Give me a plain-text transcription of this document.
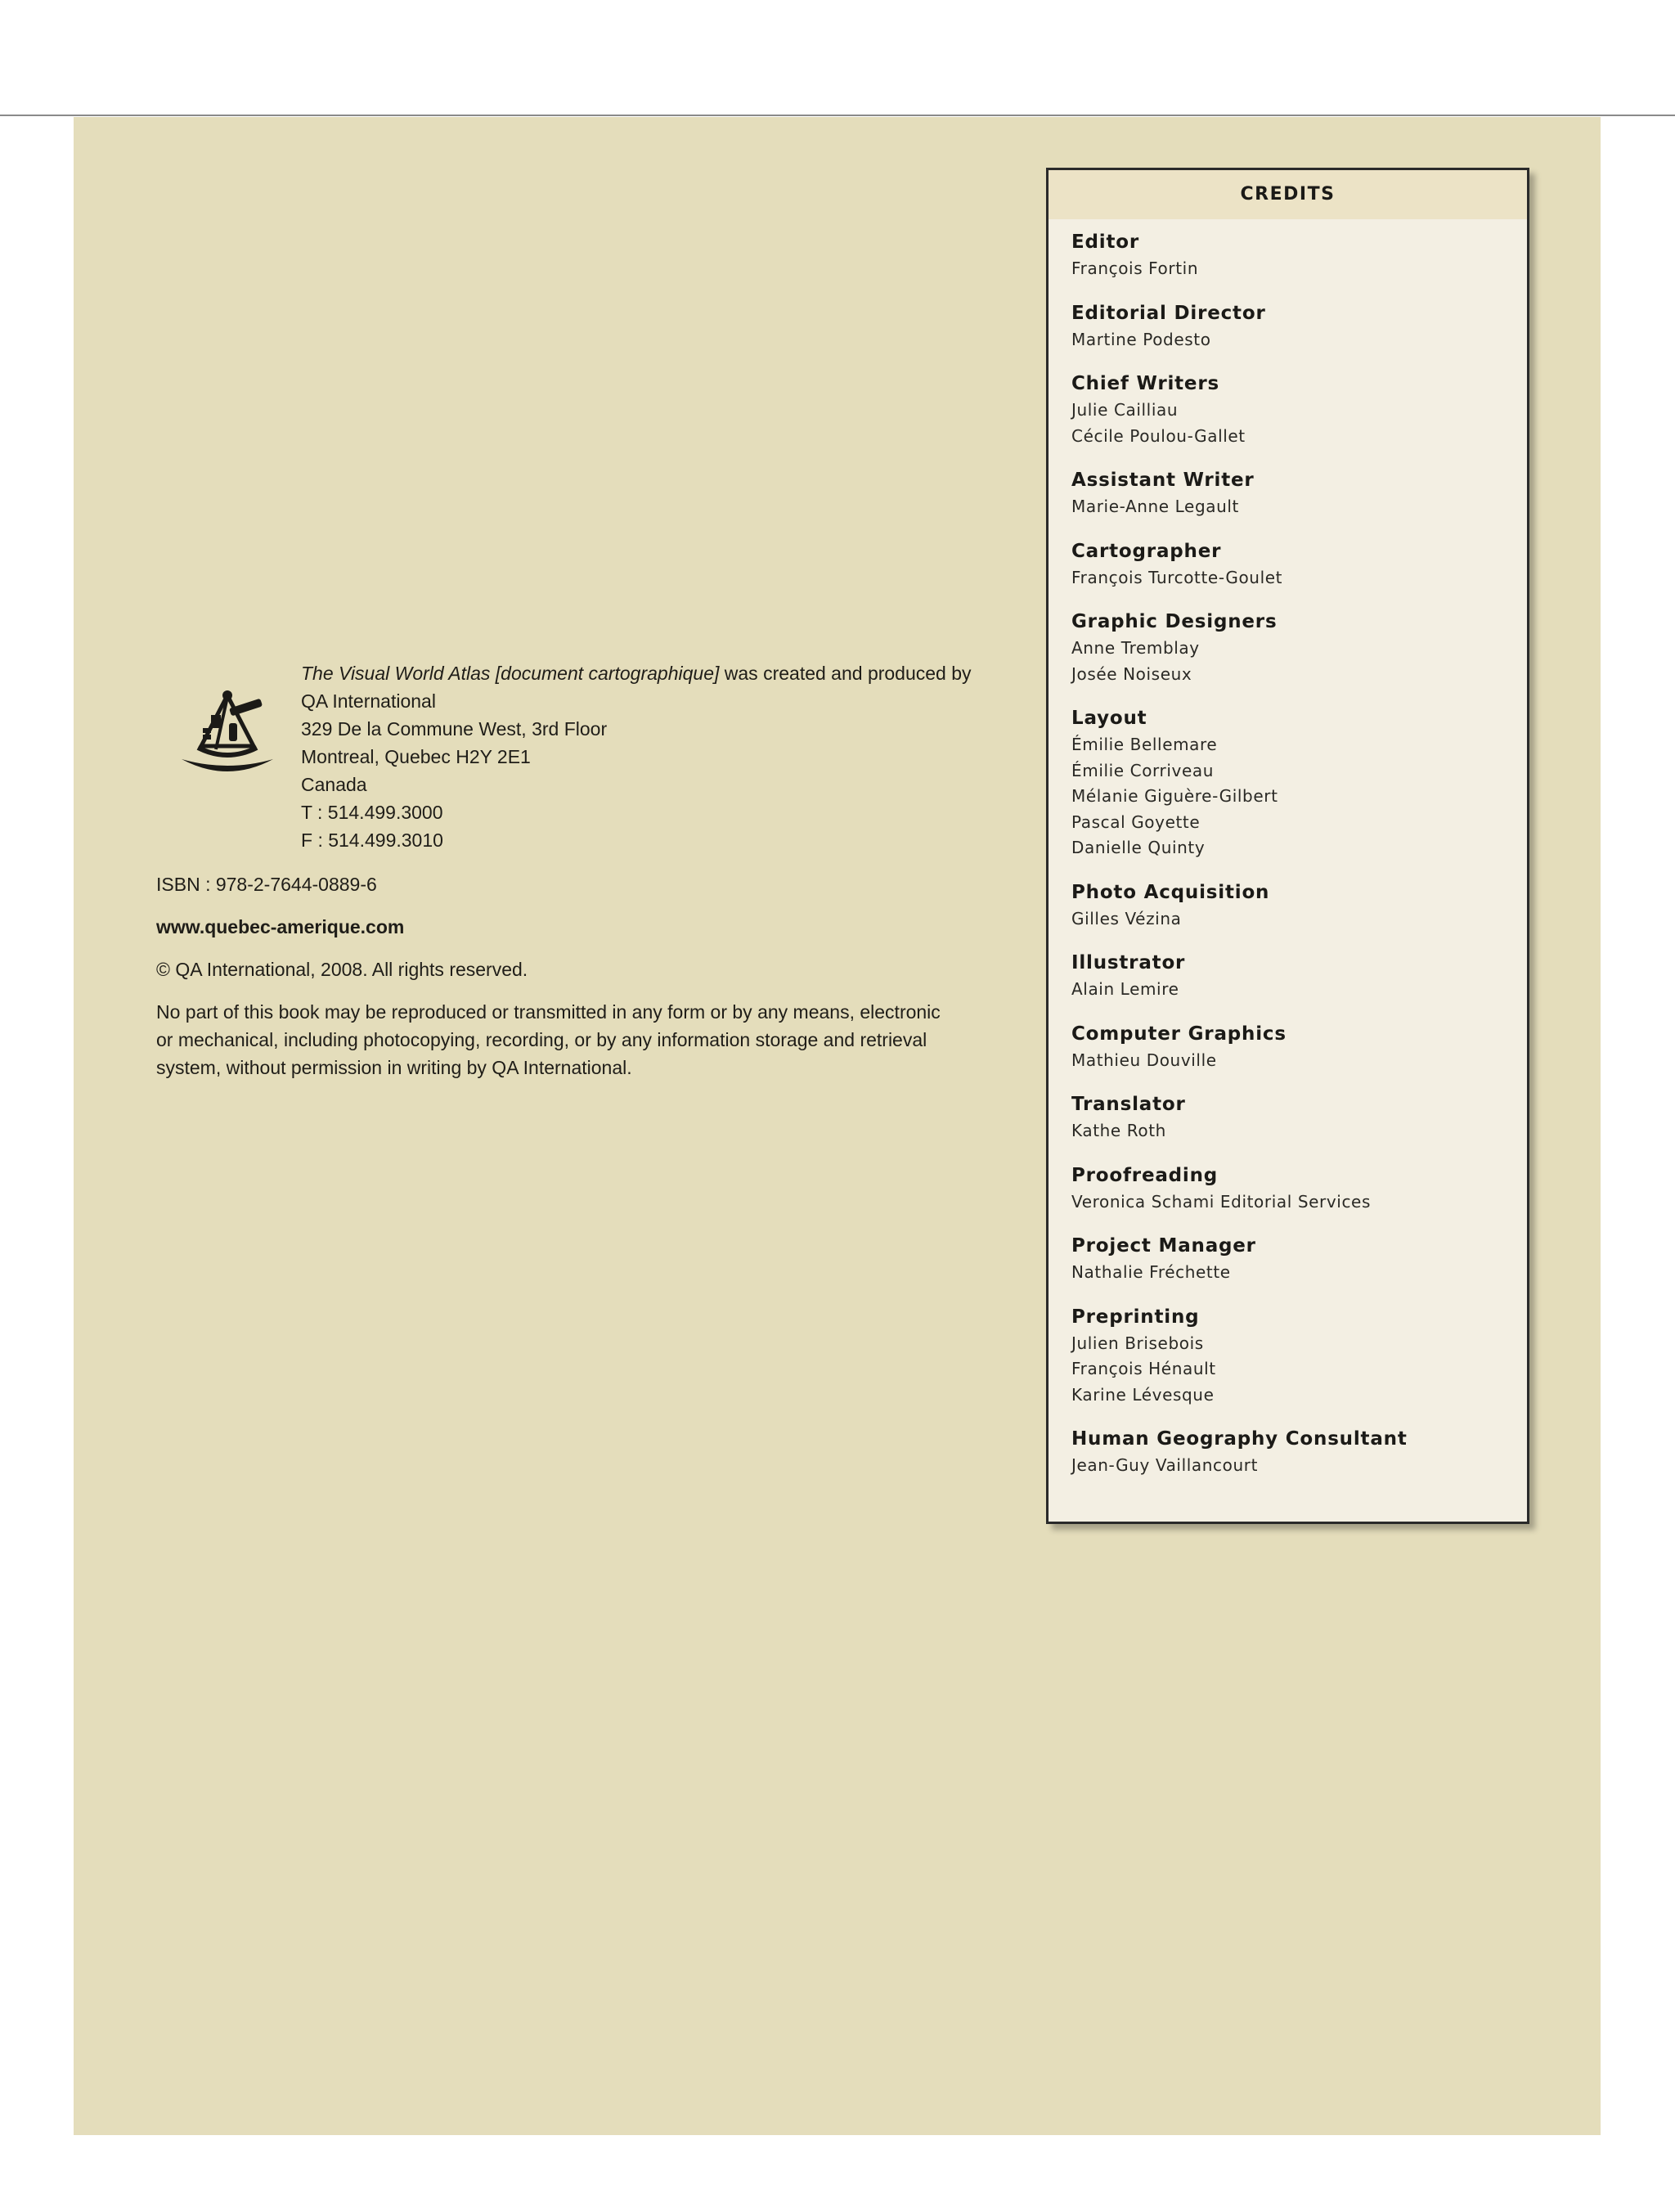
The Visual World Atlas [document cartographique] was created and produced by
QA International
329 De la Commune West, 3rd Floor
Montreal, Quebec H2Y 2E1
Canada
T : 514.499.3000
F : 514.499.3010

ISBN : 978-2-7644-0889-6

www.quebec-amerique.com

© QA International, 2008. All rights reserved.

No part of this book may be reproduced or transmitted in any form or by any means, electronic
or mechanical, including photocopying, recording, or by any information storage and retrieval
system, without permission in writing by QA International.

CREDITS
Editor
François Fortin
Editorial Director
Martine Podesto
Chief Writers
Julie Cailliau
Cécile Poulou-Gallet
Assistant Writer
Marie-Anne Legault
Cartographer
François Turcotte-Goulet
Graphic Designers
Anne Tremblay
Josée Noiseux
Layout
Émilie Bellemare
Émilie Corriveau
Mélanie Giguère-Gilbert
Pascal Goyette
Danielle Quinty
Photo Acquisition
Gilles Vézina
Illustrator
Alain Lemire
Computer Graphics
Mathieu Douville
Translator
Kathe Roth
Proofreading
Veronica Schami Editorial Services
Project Manager
Nathalie Fréchette
Preprinting
Julien Brisebois
François Hénault
Karine Lévesque
Human Geography Consultant
Jean-Guy Vaillancourt
